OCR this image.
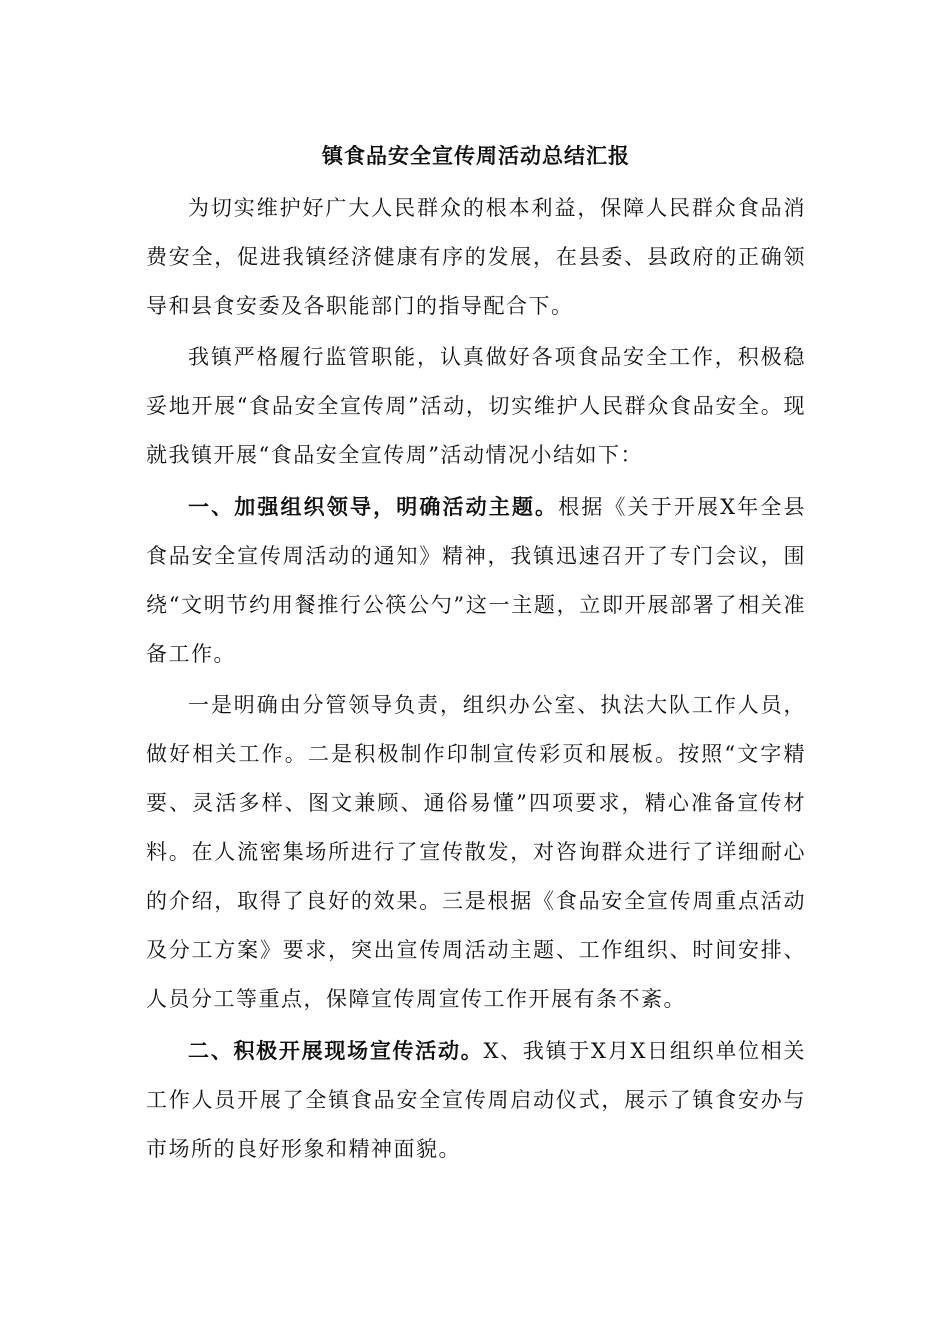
镇食品安全宣传周活动总结汇报

为切实维护好广大人民群众的根本利益，保障人民群众食品消费安全，促进我镇经济健康有序的发展，在县委、县政府的正确领导和县食安委及各职能部门的指导配合下。

我镇严格履行监管职能，认真做好各项食品安全工作，积极稳妥地开展“食品安全宣传周”活动，切实维护人民群众食品安全。现就我镇开展“食品安全宣传周”活动情况小结如下：

一、加强组织领导，明确活动主题。根据《关于开展X年全县食品安全宣传周活动的通知》精神，我镇迅速召开了专门会议，围绕“文明节约用餐推行公筷公勺”这一主题，立即开展部署了相关准备工作。

一是明确由分管领导负责，组织办公室、执法大队工作人员，做好相关工作。二是积极制作印制宣传彩页和展板。按照“文字精要、灵活多样、图文兼顾、通俗易懂”四项要求，精心准备宣传材料。在人流密集场所进行了宣传散发，对咨询群众进行了详细耐心的介绍，取得了良好的效果。三是根据《食品安全宣传周重点活动及分工方案》要求，突出宣传周活动主题、工作组织、时间安排、人员分工等重点，保障宣传周宣传工作开展有条不紊。

二、积极开展现场宣传活动。X、我镇于X月X日组织单位相关工作人员开展了全镇食品安全宣传周启动仪式，展示了镇食安办与市场所的良好形象和精神面貌。
